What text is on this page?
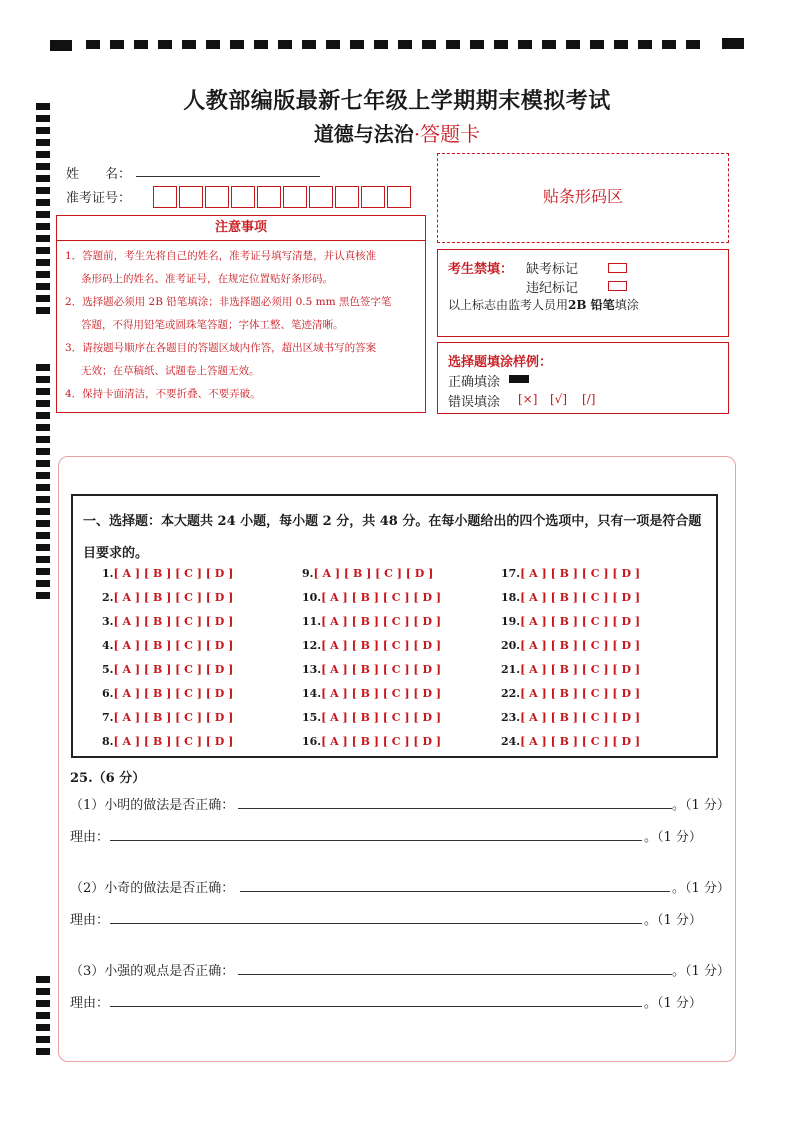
人教部编版最新七年级上学期期末模拟考试
道德与法治·答题卡
姓　　名：
准考证号：
注意事项

1．答题前，考生先将自己的姓名，准考证号填写清楚，并认真核准

条形码上的姓名、准考证号，在规定位置贴好条形码。

2．选择题必须用 2B 铅笔填涂；非选择题必须用 0.5 mm 黑色签字笔

答题，不得用铅笔或圆珠笔答题；字体工整、笔迹清晰。

3．请按题号顺序在各题目的答题区域内作答，超出区域书写的答案

无效；在草稿纸、试题卷上答题无效。

4．保持卡面清洁，不要折叠、不要弄破。

贴条形码区
考生禁填： 缺考标记
违纪标记
以上标志由监考人员用2B 铅笔填涂
选择题填涂样例：
正确填涂
错误填涂 [×] [√] [/]
一、选择题：本大题共 24 小题，每小题 2 分，共 48 分。在每小题给出的四个选项中，只有一项是符合题目要求的。
1.[ A ] [ B ] [ C ] [ D ]
2.[ A ] [ B ] [ C ] [ D ]
3.[ A ] [ B ] [ C ] [ D ]
4.[ A ] [ B ] [ C ] [ D ]
5.[ A ] [ B ] [ C ] [ D ]
6.[ A ] [ B ] [ C ] [ D ]
7.[ A ] [ B ] [ C ] [ D ]
8.[ A ] [ B ] [ C ] [ D ]
9.[ A ] [ B ] [ C ] [ D ]
10.[ A ] [ B ] [ C ] [ D ]
11.[ A ] [ B ] [ C ] [ D ]
12.[ A ] [ B ] [ C ] [ D ]
13.[ A ] [ B ] [ C ] [ D ]
14.[ A ] [ B ] [ C ] [ D ]
15.[ A ] [ B ] [ C ] [ D ]
16.[ A ] [ B ] [ C ] [ D ]
17.[ A ] [ B ] [ C ] [ D ]
18.[ A ] [ B ] [ C ] [ D ]
19.[ A ] [ B ] [ C ] [ D ]
20.[ A ] [ B ] [ C ] [ D ]
21.[ A ] [ B ] [ C ] [ D ]
22.[ A ] [ B ] [ C ] [ D ]
23.[ A ] [ B ] [ C ] [ D ]
24.[ A ] [ B ] [ C ] [ D ]
25.（6 分）
（1）小明的做法是否正确：	。（1 分）
理由：	。（1 分）
（2）小奇的做法是否正确：	。（1 分）
理由：	。（1 分）
（3）小强的观点是否正确：	。（1 分）
理由：	。（1 分）
